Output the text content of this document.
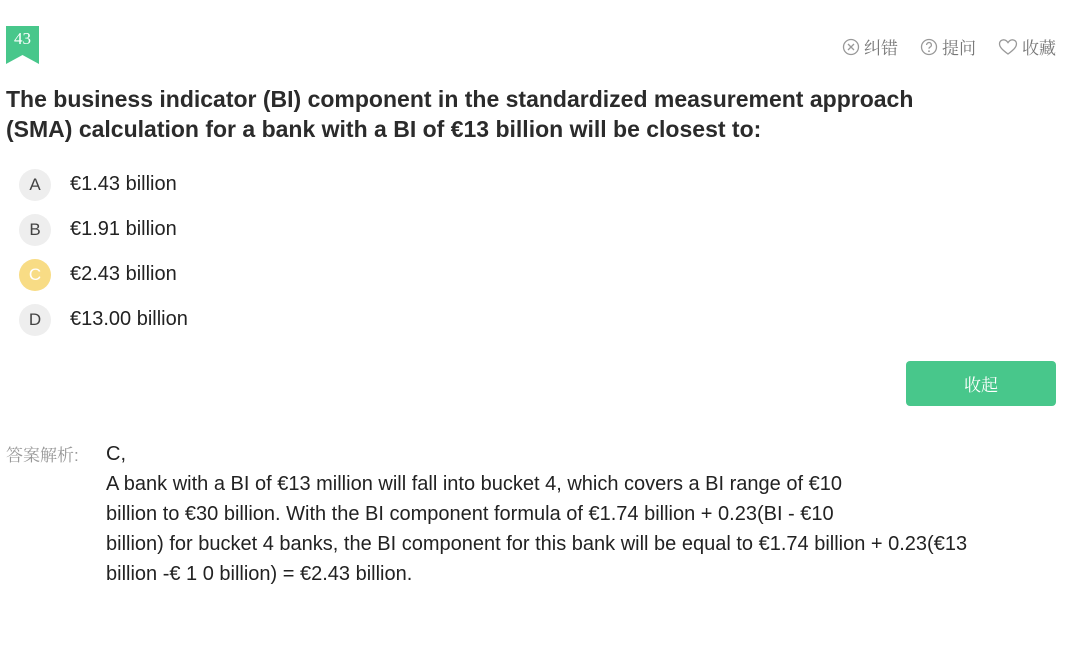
43
纠错	提问	收藏
The business indicator (BI) component in the standardized measurement approach (SMA) calculation for a bank with a BI of €13 billion will be closest to:
A	€1.43 billion
B	€1.91 billion
C	€2.43 billion
D	€13.00 billion
收起
答案解析: C,
A bank with a BI of €13 million will fall into bucket 4, which covers a BI range of €10
billion to €30 billion. With the BI component formula of €1.74 billion + 0.23(BI - €10
billion) for bucket 4 banks, the BI component for this bank will be equal to €1.74 billion + 0.23(€13
billion -€ 1 0 billion) = €2.43 billion.
